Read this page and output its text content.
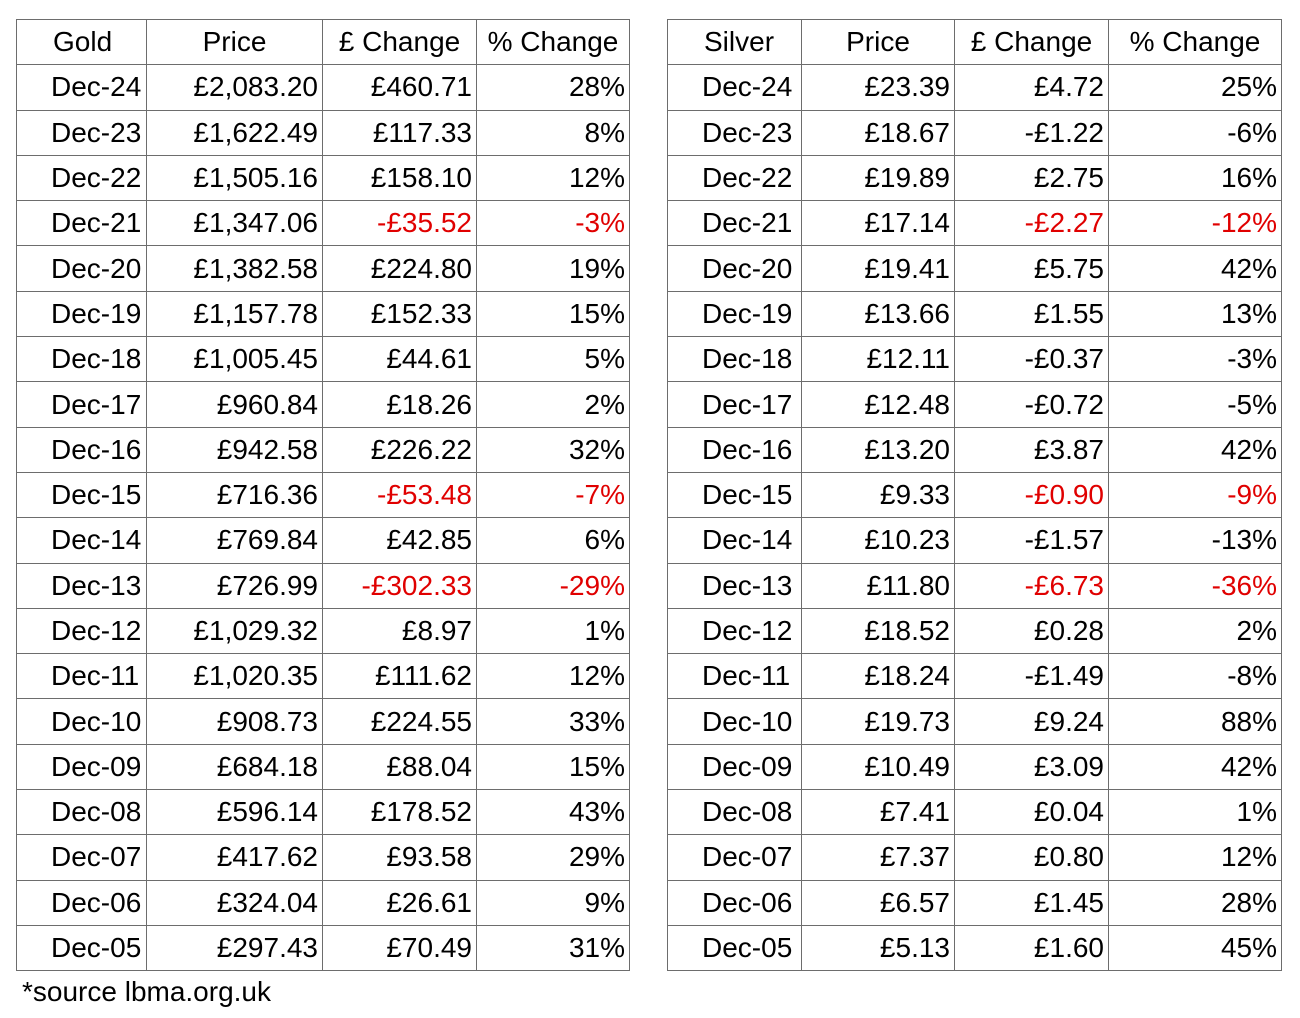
Gold	Price	£ Change	% Change
Dec-24	£2,083.20	£460.71	28%
Dec-23	£1,622.49	£117.33	8%
Dec-22	£1,505.16	£158.10	12%
Dec-21	£1,347.06	-£35.52	-3%
Dec-20	£1,382.58	£224.80	19%
Dec-19	£1,157.78	£152.33	15%
Dec-18	£1,005.45	£44.61	5%
Dec-17	£960.84	£18.26	2%
Dec-16	£942.58	£226.22	32%
Dec-15	£716.36	-£53.48	-7%
Dec-14	£769.84	£42.85	6%
Dec-13	£726.99	-£302.33	-29%
Dec-12	£1,029.32	£8.97	1%
Dec-11	£1,020.35	£111.62	12%
Dec-10	£908.73	£224.55	33%
Dec-09	£684.18	£88.04	15%
Dec-08	£596.14	£178.52	43%
Dec-07	£417.62	£93.58	29%
Dec-06	£324.04	£26.61	9%
Dec-05	£297.43	£70.49	31%
Silver	Price	£ Change	% Change
Dec-24	£23.39	£4.72	25%
Dec-23	£18.67	-£1.22	-6%
Dec-22	£19.89	£2.75	16%
Dec-21	£17.14	-£2.27	-12%
Dec-20	£19.41	£5.75	42%
Dec-19	£13.66	£1.55	13%
Dec-18	£12.11	-£0.37	-3%
Dec-17	£12.48	-£0.72	-5%
Dec-16	£13.20	£3.87	42%
Dec-15	£9.33	-£0.90	-9%
Dec-14	£10.23	-£1.57	-13%
Dec-13	£11.80	-£6.73	-36%
Dec-12	£18.52	£0.28	2%
Dec-11	£18.24	-£1.49	-8%
Dec-10	£19.73	£9.24	88%
Dec-09	£10.49	£3.09	42%
Dec-08	£7.41	£0.04	1%
Dec-07	£7.37	£0.80	12%
Dec-06	£6.57	£1.45	28%
Dec-05	£5.13	£1.60	45%
*source lbma.org.uk
